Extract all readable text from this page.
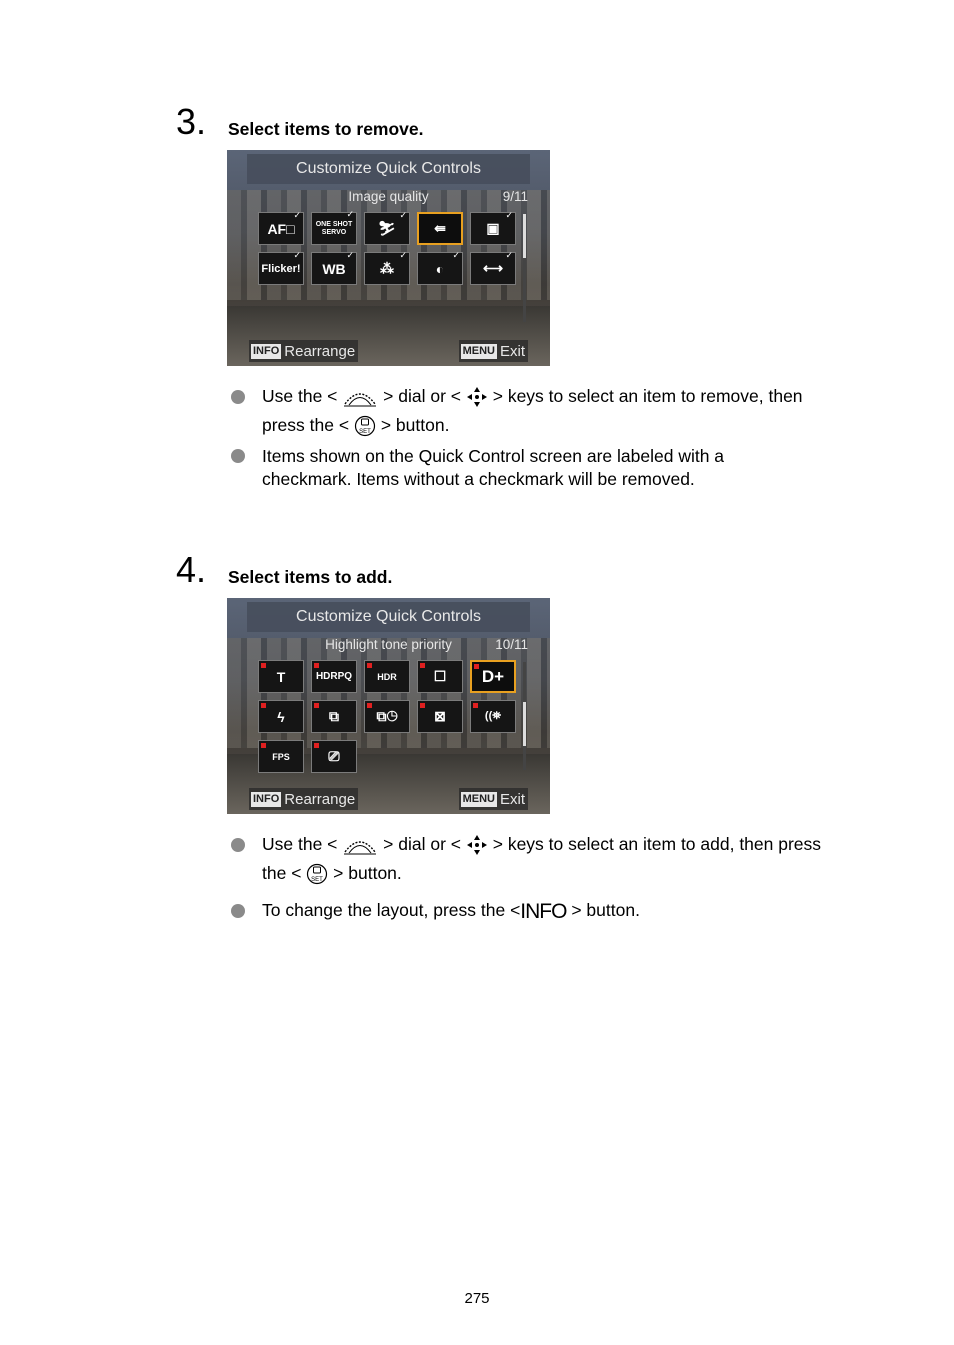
3. Select items to remove.
Customize Quick Controls
Image quality	9/11
AF□
✓
ONE SHOT SERVO
✓
⛷
✓
⇚	▣
✓
Flicker!
✓
WB
✓
⁂
✓
◐
✓
⟷
✓
INFO Rearrange	MENU Exit
Use the <	> dial or < > keys to select an item to remove, then
press the < SET > button.
Items shown on the Quick Control screen are labeled with a
checkmark. Items without a checkmark will be removed.
4. Select items to add.
Customize Quick Controls
Highlight tone priority	10/11
T	HDRPQ	HDR	☐ D+
ϟ	⧉	⧉◷	⊠	((⛯
FPS	⎚
INFO Rearrange	MENU Exit
Use the <	> dial or < > keys to select an item to add, then press
the < SET > button.
To change the layout, press the <INFO > button.
275
